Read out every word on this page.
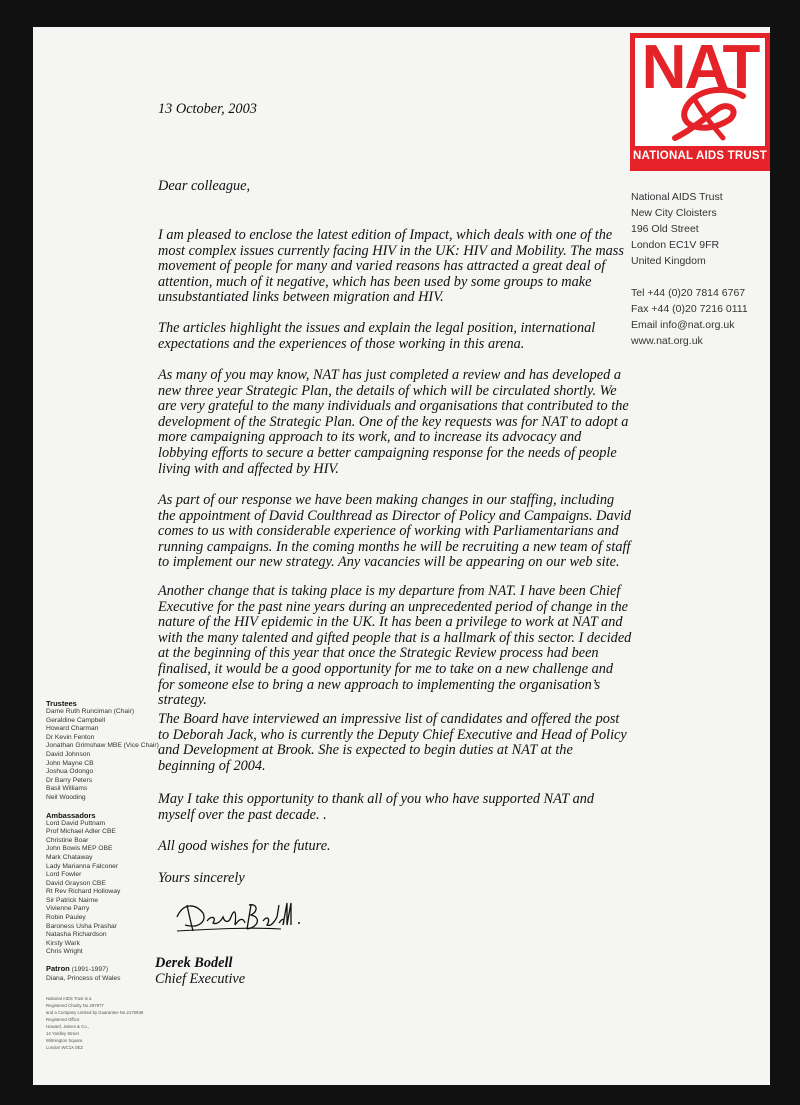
NAT
NATIONAL AIDS TRUST
National AIDS Trust
New City Cloisters
196 Old Street
London EC1V 9FR
United Kingdom
Tel +44 (0)20 7814 6767
Fax +44 (0)20 7216 0111
Email info@nat.org.uk
www.nat.org.uk

13 October, 2003

Dear colleague,

I am pleased to enclose the latest edition of Impact, which deals with one of the most complex issues currently facing HIV in the UK: HIV and Mobility. The mass movement of people for many and varied reasons has attracted a great deal of attention, much of it negative, which has been used by some groups to make unsubstantiated links between migration and HIV.

The articles highlight the issues and explain the legal position, international expectations and the experiences of those working in this arena.

As many of you may know, NAT has just completed a review and has developed a new three year Strategic Plan, the details of which will be circulated shortly. We are very grateful to the many individuals and organisations that contributed to the development of the Strategic Plan. One of the key requests was for NAT to adopt a more campaigning approach to its work, and to increase its advocacy and lobbying efforts to secure a better campaigning response for the needs of people living with and affected by HIV.

As part of our response we have been making changes in our staffing, including the appointment of David Coulthread as Director of Policy and Campaigns. David comes to us with considerable experience of working with Parliamentarians and running campaigns. In the coming months he will be recruiting a new team of staff to implement our new strategy. Any vacancies will be appearing on our web site.

Another change that is taking place is my departure from NAT. I have been Chief Executive for the past nine years during an unprecedented period of change in the nature of the HIV epidemic in the UK. It has been a privilege to work at NAT and with the many talented and gifted people that is a hallmark of this sector. I decided at the beginning of this year that once the Strategic Review process had been finalised, it would be a good opportunity for me to take on a new challenge and for someone else to bring a new approach to implementing the organisation’s strategy.

The Board have interviewed an impressive list of candidates and offered the post to Deborah Jack, who is currently the Deputy Chief Executive and Head of Policy and Development at Brook. She is expected to begin duties at NAT at the beginning of 2004.

May I take this opportunity to thank all of you who have supported NAT and myself over the past decade. .

All good wishes for the future.

Yours sincerely

Derek Bodell
Chief Executive
Trustees
Dame Ruth Runciman (Chair)
Geraldine Campbell
Howard Charman
Dr Kevin Fenton
Jonathan Grimshaw MBE (Vice Chair)
David Johnson
John Mayne CB
Joshua Odongo
Dr Barry Peters
Basil Williams
Neil Wooding
Ambassadors
Lord David Puttnam
Prof Michael Adler CBE
Christine Boar
John Bowis MEP OBE
Mark Chataway
Lady Marianna Falconer
Lord Fowler
David Grayson CBE
Rt Rev Richard Holloway
Sir Patrick Nairne
Vivienne Parry
Robin Pauley
Baroness Usha Prashar
Natasha Richardson
Kirsty Wark
Chris Wright
Patron (1991-1997)
Diana, Princess of Wales
National AIDS Trust is a
Registered Charity No.297977
and a Company Limited by Guarantee No.2175938
Registered Office:
Howard, James & Co.,
14 Yardley Street
Wilmington Square,
London WC1X 0EZ
